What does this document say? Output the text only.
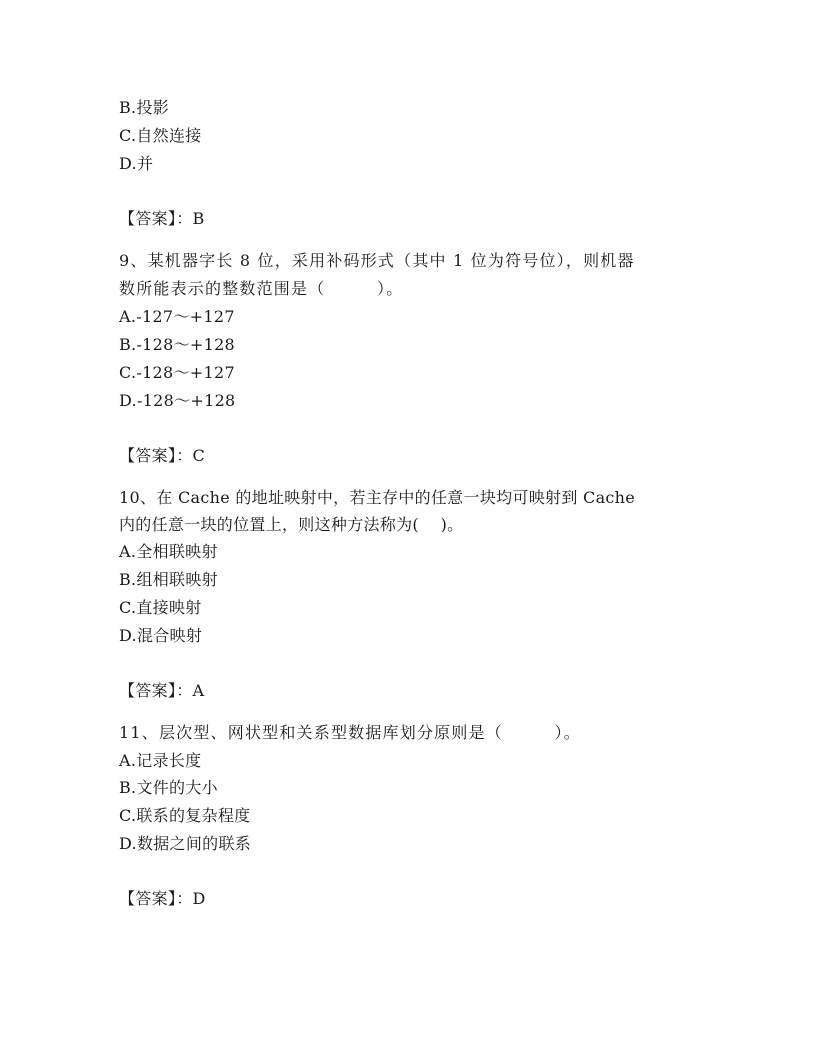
B.投影
C.自然连接
D.并
【答案】：B
9、某机器字长 8 位，采用补码形式（其中 1 位为符号位），则机器
数所能表示的整数范围是（　　　）。
A.-127～+127
B.-128～+128
C.-128～+127
D.-128～+128
【答案】：C
10、在 Cache 的地址映射中，若主存中的任意一块均可映射到 Cache
内的任意一块的位置上，则这种方法称为(　 )。
A.全相联映射
B.组相联映射
C.直接映射
D.混合映射
【答案】：A
11、层次型、网状型和关系型数据库划分原则是（　　　）。
A.记录长度
B.文件的大小
C.联系的复杂程度
D.数据之间的联系
【答案】：D
